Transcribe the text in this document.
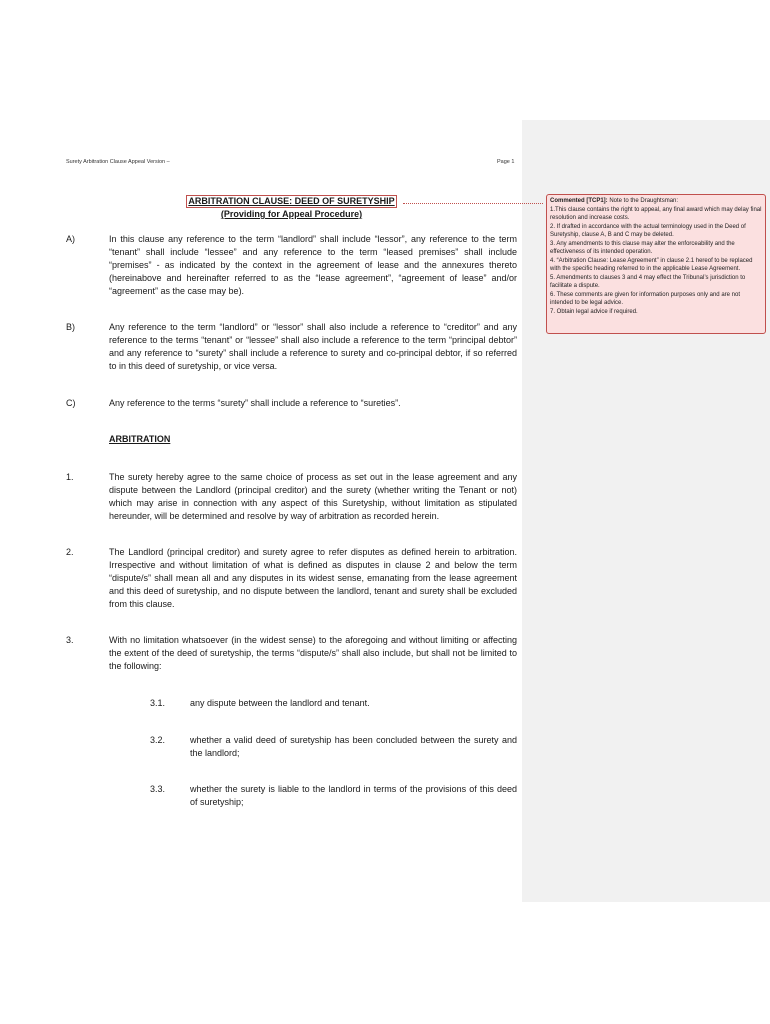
Surety Arbitration Clause Appeal Version –	Page 1
ARBITRATION CLAUSE: DEED OF SURETYSHIP
(Providing for Appeal Procedure)
A)	In this clause any reference to the term “landlord” shall include “lessor”, any reference to the term “tenant” shall include “lessee” and any reference to the term “leased premises” shall include “premises” - as indicated by the context in the agreement of lease and the annexures thereto (hereinabove and hereinafter referred to as the “lease agreement”, “agreement of lease” and/or “agreement” as the case may be).
B)	Any reference to the term “landlord” or “lessor” shall also include a reference to “creditor” and any reference to the terms “tenant” or “lessee” shall also include a reference to the term “principal debtor” and any reference to “surety” shall include a reference to surety and co-principal debtor, if so referred to in this deed of suretyship, or vice versa.
C)	Any reference to the terms “surety” shall include a reference to “sureties”.
ARBITRATION
1.	The surety hereby agree to the same choice of process as set out in the lease agreement and any dispute between the Landlord (principal creditor) and the surety (whether writing the Tenant or not) which may arise in connection with any aspect of this Suretyship, without limitation as stipulated hereunder, will be determined and resolve by way of arbitration as recorded herein.
2.	The Landlord (principal creditor) and surety agree to refer disputes as defined herein to arbitration. Irrespective and without limitation of what is defined as disputes in clause 2 and below the term “dispute/s” shall mean all and any disputes in its widest sense, emanating from the lease agreement and this deed of suretyship, and no dispute between the landlord, tenant and surety shall be excluded from this clause.
3.	With no limitation whatsoever (in the widest sense) to the aforegoing and without limiting or affecting the extent of the deed of suretyship, the terms “dispute/s” shall also include, but shall not be limited to the following:
3.1.	any dispute between the landlord and tenant.
3.2.	whether a valid deed of suretyship has been concluded between the surety and the landlord;
3.3.	whether the surety is liable to the landlord in terms of the provisions of this deed of suretyship;
Commented [TCP1]: Note to the Draughtsman:
1.This clause contains the right to appeal, any final award which may delay final resolution and increase costs.
2. If drafted in accordance with the actual terminology used in the Deed of Suretyship, clause A, B and C may be deleted.
3. Any amendments to this clause may alter the enforceability and the effectiveness of its intended operation.
4. “Arbitration Clause: Lease Agreement” in clause 2.1 hereof to be replaced with the specific heading referred to in the applicable Lease Agreement.
5. Amendments to clauses 3 and 4 may effect the Tribunal’s jurisdiction to facilitate a dispute.
6. These comments are given for information purposes only and are not intended to be legal advice.
7. Obtain legal advice if required.
